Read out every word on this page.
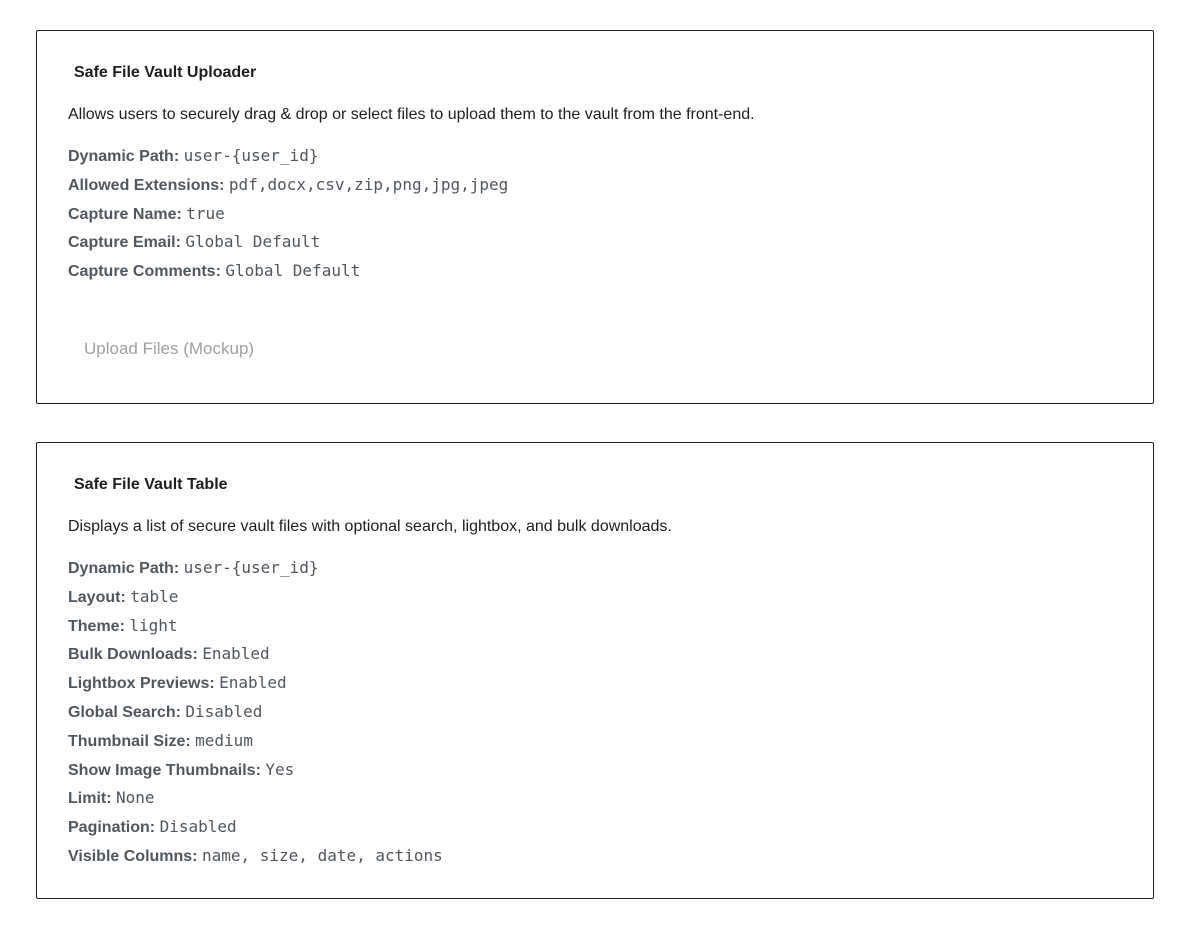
Safe File Vault Uploader

Allows users to securely drag & drop or select files to upload them to the vault from the front-end.

Dynamic Path: user-{user_id}
Allowed Extensions: pdf,docx,csv,zip,png,jpg,jpeg
Capture Name: true
Capture Email: Global Default
Capture Comments: Global Default
Upload Files (Mockup)
Safe File Vault Table

Displays a list of secure vault files with optional search, lightbox, and bulk downloads.

Dynamic Path: user-{user_id}
Layout: table
Theme: light
Bulk Downloads: Enabled
Lightbox Previews: Enabled
Global Search: Disabled
Thumbnail Size: medium
Show Image Thumbnails: Yes
Limit: None
Pagination: Disabled
Visible Columns: name, size, date, actions
